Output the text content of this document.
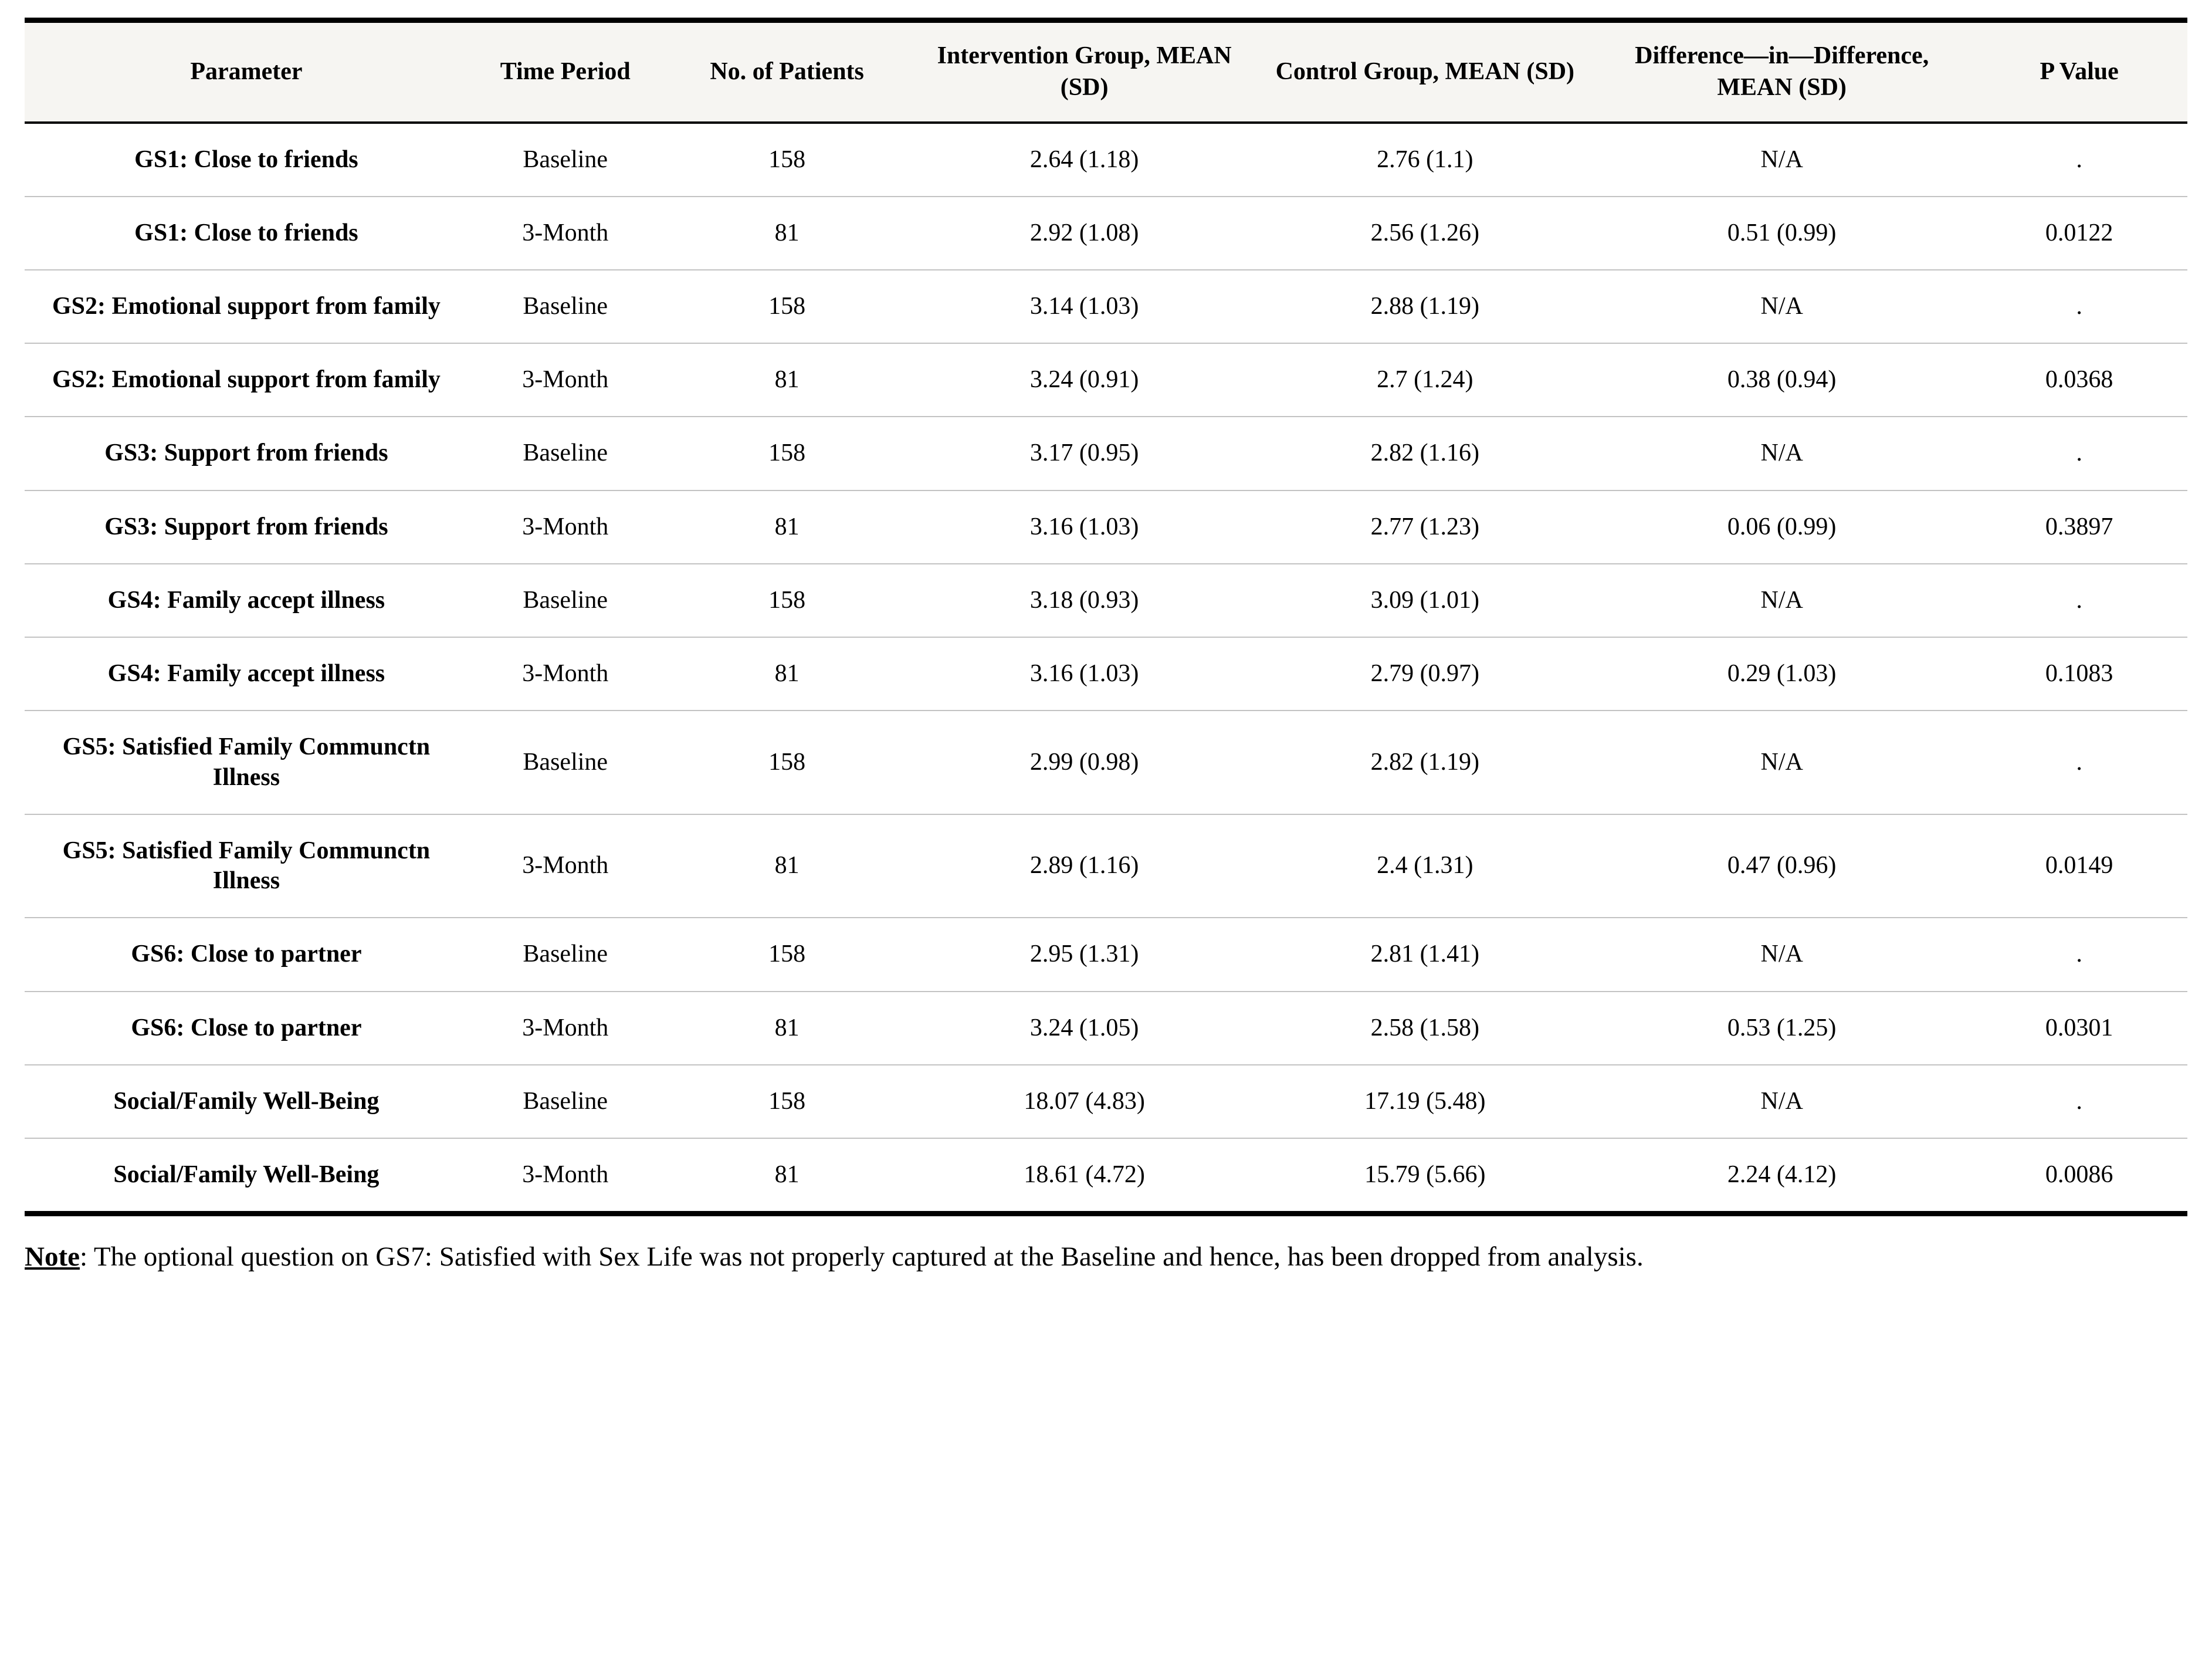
Parameter	Time Period	No. of Patients	Intervention Group, MEAN (SD)	Control Group, MEAN (SD)	Difference—in—Difference, MEAN (SD)	P Value
GS1: Close to friends	Baseline	158	2.64 (1.18)	2.76 (1.1)	N/A	.
GS1: Close to friends	3-Month	81	2.92 (1.08)	2.56 (1.26)	0.51 (0.99)	0.0122
GS2: Emotional support from family	Baseline	158	3.14 (1.03)	2.88 (1.19)	N/A	.
GS2: Emotional support from family	3-Month	81	3.24 (0.91)	2.7 (1.24)	0.38 (0.94)	0.0368
GS3: Support from friends	Baseline	158	3.17 (0.95)	2.82 (1.16)	N/A	.
GS3: Support from friends	3-Month	81	3.16 (1.03)	2.77 (1.23)	0.06 (0.99)	0.3897
GS4: Family accept illness	Baseline	158	3.18 (0.93)	3.09 (1.01)	N/A	.
GS4: Family accept illness	3-Month	81	3.16 (1.03)	2.79 (0.97)	0.29 (1.03)	0.1083
GS5: Satisfied Family Communctn Illness	Baseline	158	2.99 (0.98)	2.82 (1.19)	N/A	.
GS5: Satisfied Family Communctn Illness	3-Month	81	2.89 (1.16)	2.4 (1.31)	0.47 (0.96)	0.0149
GS6: Close to partner	Baseline	158	2.95 (1.31)	2.81 (1.41)	N/A	.
GS6: Close to partner	3-Month	81	3.24 (1.05)	2.58 (1.58)	0.53 (1.25)	0.0301
Social/Family Well-Being	Baseline	158	18.07 (4.83)	17.19 (5.48)	N/A	.
Social/Family Well-Being	3-Month	81	18.61 (4.72)	15.79 (5.66)	2.24 (4.12)	0.0086

Note: The optional question on GS7: Satisfied with Sex Life was not properly captured at the Baseline and hence, has been dropped from analysis.
